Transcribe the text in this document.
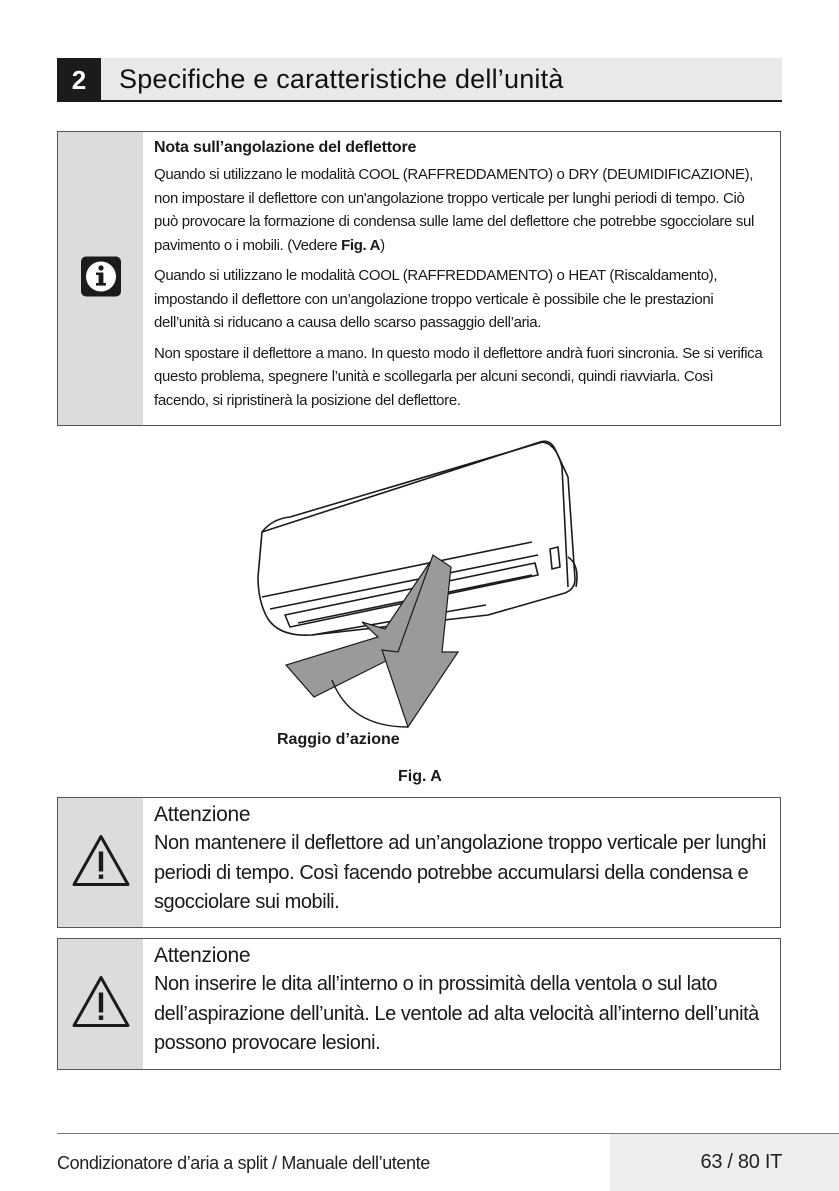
2	Specifiche e caratteristiche dell’unità
Nota sull’angolazione del deflettore

Quando si utilizzano le modalità COOL (RAFFREDDAMENTO) o DRY (DEUMIDIFICAZIONE), non impostare il deflettore con un'angolazione troppo verticale per lunghi periodi di tempo. Ciò può provocare la formazione di condensa sulle lame del deflettore che potrebbe sgocciolare sul pavimento o i mobili. (Vedere Fig. A)

Quando si utilizzano le modalità COOL (RAFFREDDAMENTO) o HEAT (Riscaldamento), impostando il deflettore con un’angolazione troppo verticale è possibile che le prestazioni dell’unità si riducano a causa dello scarso passaggio dell’aria.

Non spostare il deflettore a mano. In questo modo il deflettore andrà fuori sincronia. Se si verifica questo problema, spegnere l’unità e scollegarla per alcuni secondi, quindi riavviarla. Così facendo, si ripristinerà la posizione del deflettore.

Raggio d’azione
Fig. A
Attenzione

Non mantenere il deflettore ad un’angolazione troppo verticale per lunghi periodi di tempo. Così facendo potrebbe accumularsi della condensa e sgocciolare sui mobili.

Attenzione

Non inserire le dita all’interno o in prossimità della ventola o sul lato dell’aspirazione dell’unità. Le ventole ad alta velocità all’interno dell’unità possono provocare lesioni.

Condizionatore d’aria a split / Manuale dell’utente	63 / 80 IT
